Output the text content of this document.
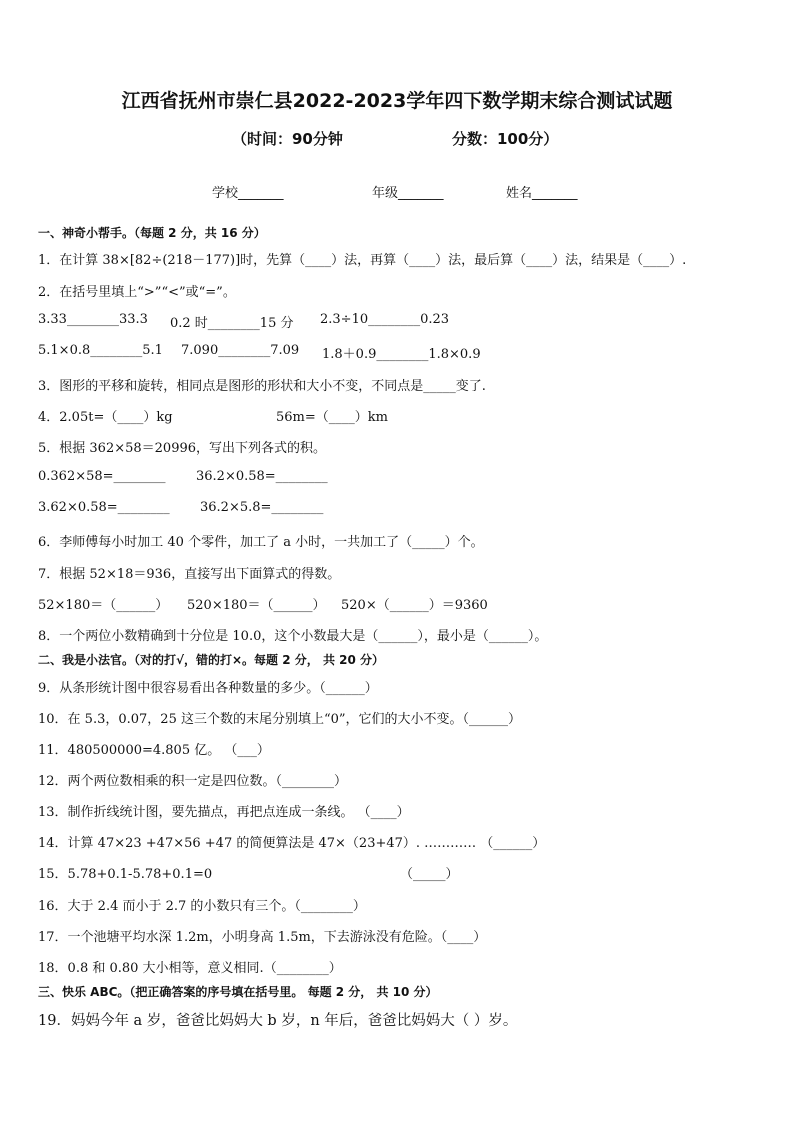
江西省抚州市崇仁县2022-2023学年四下数学期末综合测试试题
（时间：90分钟	分数：100分）
学校_______	年级_______	姓名_______
一、神奇小帮手。（每题 2 分，共 16 分）
1．在计算 38×[82÷(218－177)]时，先算（____）法，再算（____）法，最后算（____）法，结果是（____）.
2．在括号里填上“>”“<”或“=”。
3.33________33.3 0.2 时________15 分 2.3÷10________0.23
5.1×0.8________5.1 7.090________7.09 1.8＋0.9________1.8×0.9
3．图形的平移和旋转，相同点是图形的形状和大小不变，不同点是_____变了.
4．2.05t=（____）kg	56m=（____）km
5．根据 362×58＝20996，写出下列各式的积。
0.362×58=________ 36.2×0.58=________
3.62×0.58=________ 36.2×5.8=________
6．李师傅每小时加工 40 个零件，加工了 a 小时，一共加工了（_____）个。
7．根据 52×18＝936，直接写出下面算式的得数。
52×180＝（______） 520×180＝（______） 520×（______）＝9360
8．一个两位小数精确到十分位是 10.0，这个小数最大是（______），最小是（______）。
二、我是小法官。（对的打√，错的打×。每题 2 分， 共 20 分）
9．从条形统计图中很容易看出各种数量的多少。（______）
10．在 5.3，0.07，25 这三个数的末尾分别填上“0”，它们的大小不变。（______）
11．480500000=4.805 亿。 （___）
12．两个两位数相乘的积一定是四位数。（________）
13．制作折线统计图，要先描点，再把点连成一条线。 （____）
14．计算 47×23 +47×56 +47 的简便算法是 47×（23+47）. ………… （______）
15．5.78+0.1-5.78+0.1=0	（_____）
16．大于 2.4 而小于 2.7 的小数只有三个。（________）
17．一个池塘平均水深 1.2m，小明身高 1.5m，下去游泳没有危险。（____）
18．0.8 和 0.80 大小相等，意义相同.（________）
三、快乐 ABC。（把正确答案的序号填在括号里。 每题 2 分， 共 10 分）
19．妈妈今年 a 岁，爸爸比妈妈大 b 岁，n 年后，爸爸比妈妈大（ ）岁。
